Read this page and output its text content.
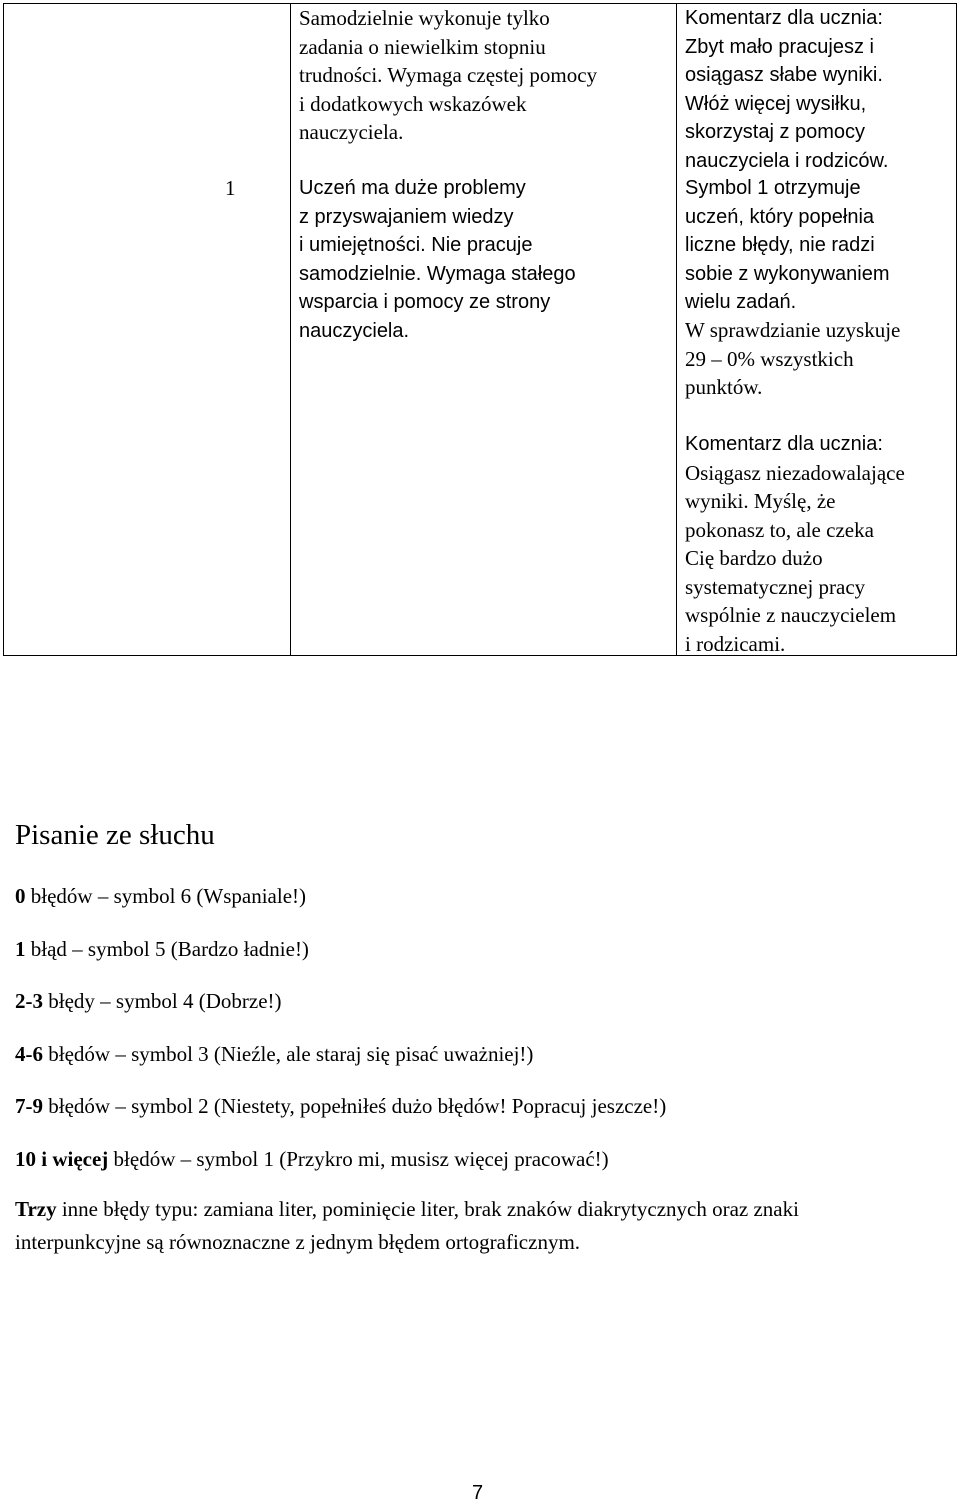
Samodzielnie wykonuje tylko
zadania o niewielkim stopniu
trudności. Wymaga częstej pomocy
i dodatkowych wskazówek
nauczyciela.
Komentarz dla ucznia:
Zbyt mało pracujesz i
osiągasz słabe wyniki.
Włóż więcej wysiłku,
skorzystaj z pomocy
nauczyciela i rodziców.
1	Uczeń ma duże problemy
z przyswajaniem wiedzy
i umiejętności. Nie pracuje
samodzielnie. Wymaga stałego
wsparcia i pomocy ze strony
nauczyciela.
Symbol 1 otrzymuje
uczeń, który popełnia
liczne błędy, nie radzi
sobie z wykonywaniem
wielu zadań.
W sprawdzianie uzyskuje
29 – 0% wszystkich
punktów.
Komentarz dla ucznia:
Osiągasz niezadowalające
wyniki. Myślę, że
pokonasz to, ale czeka
Cię bardzo dużo
systematycznej pracy
wspólnie z nauczycielem
i rodzicami.
Pisanie ze słuchu
0 błędów – symbol 6 (Wspaniale!)
1 błąd – symbol 5 (Bardzo ładnie!)
2-3 błędy – symbol 4 (Dobrze!)
4-6 błędów – symbol 3 (Nieźle, ale staraj się pisać uważniej!)
7-9 błędów – symbol 2 (Niestety, popełniłeś dużo błędów! Popracuj jeszcze!)
10 i więcej błędów – symbol 1 (Przykro mi, musisz więcej pracować!)
Trzy inne błędy typu: zamiana liter, pominięcie liter, brak znaków diakrytycznych oraz znaki
interpunkcyjne są równoznaczne z jednym błędem ortograficznym.
7
